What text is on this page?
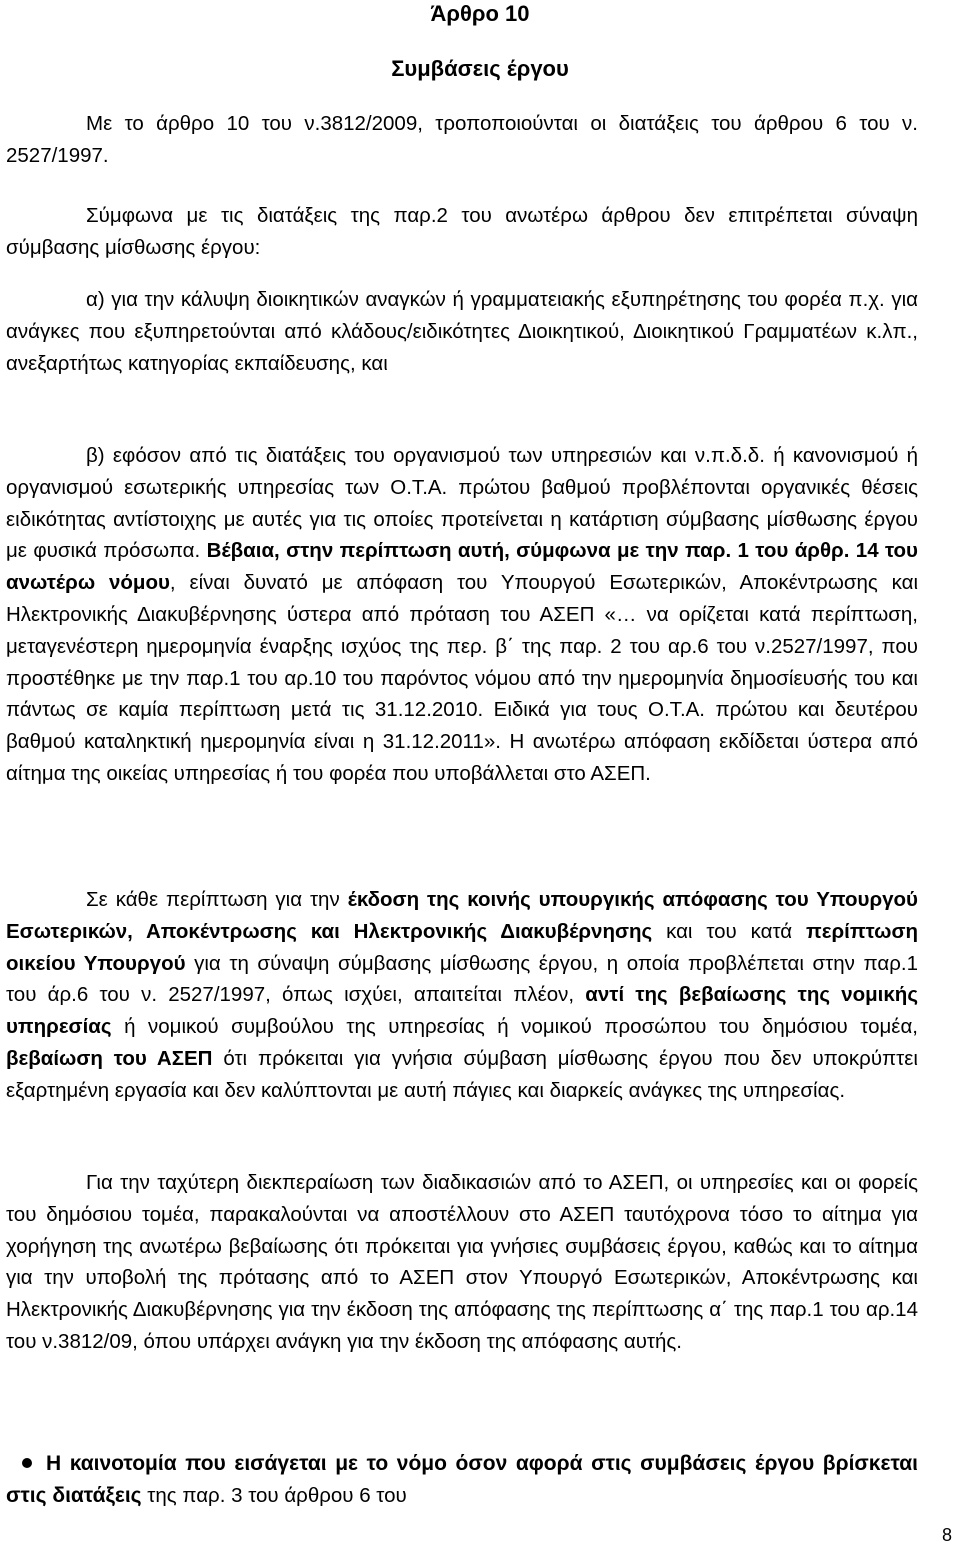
Άρθρο 10
Συμβάσεις έργου
Με το άρθρο 10 του ν.3812/2009, τροποποιούνται οι διατάξεις του άρθρου 6 του ν. 2527/1997.
Σύμφωνα με τις διατάξεις της παρ.2 του ανωτέρω άρθρου δεν επιτρέπεται σύναψη σύμβασης μίσθωσης έργου:
α) για την κάλυψη διοικητικών αναγκών ή γραμματειακής εξυπηρέτησης του φορέα π.χ. για ανάγκες που εξυπηρετούνται από κλάδους/ειδικότητες Διοικητικού, Διοικητικού Γραμματέων κ.λπ., ανεξαρτήτως κατηγορίας εκπαίδευσης, και
β) εφόσον από τις διατάξεις του οργανισμού των υπηρεσιών και ν.π.δ.δ. ή κανονισμού ή οργανισμού εσωτερικής υπηρεσίας των Ο.Τ.Α. πρώτου βαθμού προβλέπονται οργανικές θέσεις ειδικότητας αντίστοιχης με αυτές για τις οποίες προτείνεται η κατάρτιση σύμβασης μίσθωσης έργου με φυσικά πρόσωπα. Βέβαια, στην περίπτωση αυτή, σύμφωνα με την παρ. 1 του άρθρ. 14 του ανωτέρω νόμου, είναι δυνατό με απόφαση του Υπουργού Εσωτερικών, Αποκέντρωσης και Ηλεκτρονικής Διακυβέρνησης ύστερα από πρόταση του ΑΣΕΠ «… να ορίζεται κατά περίπτωση, μεταγενέστερη ημερομηνία έναρξης ισχύος της περ. β΄ της παρ. 2 του αρ.6 του ν.2527/1997, που προστέθηκε με την παρ.1 του αρ.10 του παρόντος νόμου από την ημερομηνία δημοσίευσής του και πάντως σε καμία περίπτωση μετά τις 31.12.2010. Ειδικά για τους Ο.Τ.Α. πρώτου και δευτέρου βαθμού καταληκτική ημερομηνία είναι η 31.12.2011». Η ανωτέρω απόφαση εκδίδεται ύστερα από αίτημα της οικείας υπηρεσίας ή του φορέα που υποβάλλεται στο ΑΣΕΠ.
Σε κάθε περίπτωση για την έκδοση της κοινής υπουργικής απόφασης του Υπουργού Εσωτερικών, Αποκέντρωσης και Ηλεκτρονικής Διακυβέρνησης και του κατά περίπτωση οικείου Υπουργού για τη σύναψη σύμβασης μίσθωσης έργου, η οποία προβλέπεται στην παρ.1 του άρ.6 του ν. 2527/1997, όπως ισχύει, απαιτείται πλέον, αντί της βεβαίωσης της νομικής υπηρεσίας ή νομικού συμβούλου της υπηρεσίας ή νομικού προσώπου του δημόσιου τομέα, βεβαίωση του ΑΣΕΠ ότι πρόκειται για γνήσια σύμβαση μίσθωσης έργου που δεν υποκρύπτει εξαρτημένη εργασία και δεν καλύπτονται με αυτή πάγιες και διαρκείς ανάγκες της υπηρεσίας.
Για την ταχύτερη διεκπεραίωση των διαδικασιών από το ΑΣΕΠ, οι υπηρεσίες και οι φορείς του δημόσιου τομέα, παρακαλούνται να αποστέλλουν στο ΑΣΕΠ ταυτόχρονα τόσο το αίτημα για χορήγηση της ανωτέρω βεβαίωσης ότι πρόκειται για γνήσιες συμβάσεις έργου, καθώς και το αίτημα για την υποβολή της πρότασης από το ΑΣΕΠ στον Υπουργό Εσωτερικών, Αποκέντρωσης και Ηλεκτρονικής Διακυβέρνησης για την έκδοση της απόφασης της περίπτωσης α΄ της παρ.1 του αρ.14 του ν.3812/09, όπου υπάρχει ανάγκη για την έκδοση της απόφασης αυτής.
Η καινοτομία που εισάγεται με το νόμο όσον αφορά στις συμβάσεις έργου βρίσκεται στις διατάξεις της παρ. 3 του άρθρου 6 του
8
